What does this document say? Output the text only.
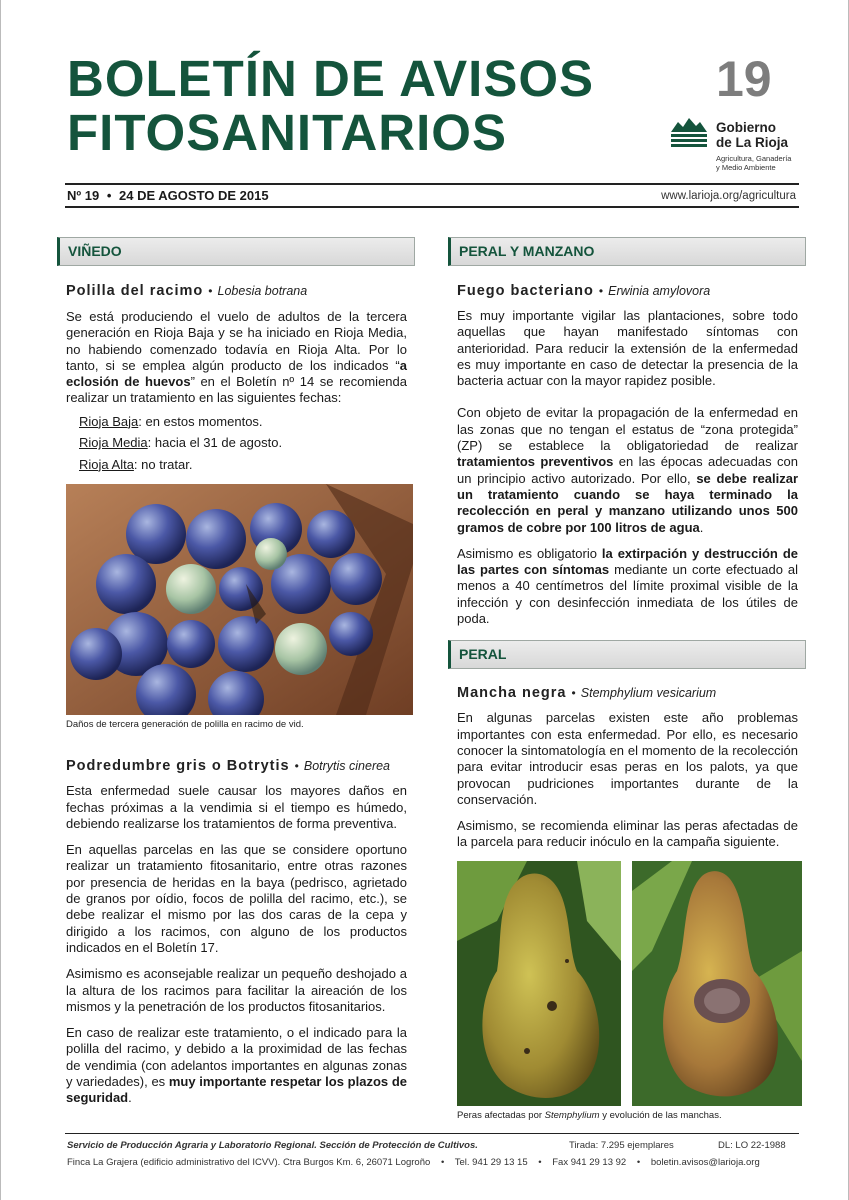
BOLETÍN DE AVISOS
FITOSANITARIOS
19
Gobierno
de La Rioja
Agricultura, Ganadería
y Medio Ambiente
Nº 19 • 24 DE AGOSTO DE 2015	www.larioja.org/agricultura
VIÑEDO
Polilla del racimo • Lobesia botrana

Se está produciendo el vuelo de adultos de la tercera generación en Rioja Baja y se ha iniciado en Rioja Media, no habiendo comenzado todavía en Rioja Alta. Por lo tanto, si se emplea algún producto de los indicados “a eclosión de huevos” en el Boletín nº 14 se recomienda realizar un tratamiento en las siguientes fechas:

Rioja Baja: en estos momentos.
Rioja Media: hacia el 31 de agosto.
Rioja Alta: no tratar.
Daños de tercera generación de polilla en racimo de vid.
Podredumbre gris o Botrytis • Botrytis cinerea

Esta enfermedad suele causar los mayores daños en fechas próximas a la vendimia si el tiempo es húmedo, debiendo realizarse los tratamientos de forma preventiva.

En aquellas parcelas en las que se considere oportuno realizar un tratamiento fitosanitario, entre otras razones por presencia de heridas en la baya (pedrisco, agrietado de granos por oídio, focos de polilla del racimo, etc.), se debe realizar el mismo por las dos caras de la cepa y dirigido a los racimos, con alguno de los productos indicados en el Boletín 17.

Asimismo es aconsejable realizar un pequeño deshojado a la altura de los racimos para facilitar la aireación de los mismos y la penetración de los productos fitosanitarios.

En caso de realizar este tratamiento, o el indicado para la polilla del racimo, y debido a la proximidad de las fechas de vendimia (con adelantos importantes en algunas zonas y variedades), es muy importante respetar los plazos de seguridad.

PERAL Y MANZANO
Fuego bacteriano • Erwinia amylovora

Es muy importante vigilar las plantaciones, sobre todo aquellas que hayan manifestado síntomas con anterioridad. Para reducir la extensión de la enfermedad es muy importante en caso de detectar la presencia de la bacteria actuar con la mayor rapidez posible.

Con objeto de evitar la propagación de la enfermedad en las zonas que no tengan el estatus de “zona protegida” (ZP) se establece la obligatoriedad de realizar tratamientos preventivos en las épocas adecuadas con un principio activo autorizado. Por ello, se debe realizar un tratamiento cuando se haya terminado la recolección en peral y manzano utilizando unos 500 gramos de cobre por 100 litros de agua.

Asimismo es obligatorio la extirpación y destrucción de las partes con síntomas mediante un corte efectuado al menos a 40 centímetros del límite proximal visible de la infección y con desinfección inmediata de los útiles de poda.

PERAL
Mancha negra • Stemphylium vesicarium

En algunas parcelas existen este año problemas importantes con esta enfermedad. Por ello, es necesario conocer la sintomatología en el momento de la recolección para evitar introducir esas peras en los palots, ya que provocan pudriciones importantes durante de la conservación.

Asimismo, se recomienda eliminar las peras afectadas de la parcela para reducir inóculo en la campaña siguiente.

Peras afectadas por Stemphylium y evolución de las manchas.
Servicio de Producción Agraria y Laboratorio Regional. Sección de Protección de Cultivos.	Tirada: 7.295 ejemplares	DL: LO 22-1988
Finca La Grajera (edificio administrativo del ICVV). Ctra Burgos Km. 6, 26071 Logroño • Tel. 941 29 13 15 • Fax 941 29 13 92 • boletin.avisos@larioja.org
